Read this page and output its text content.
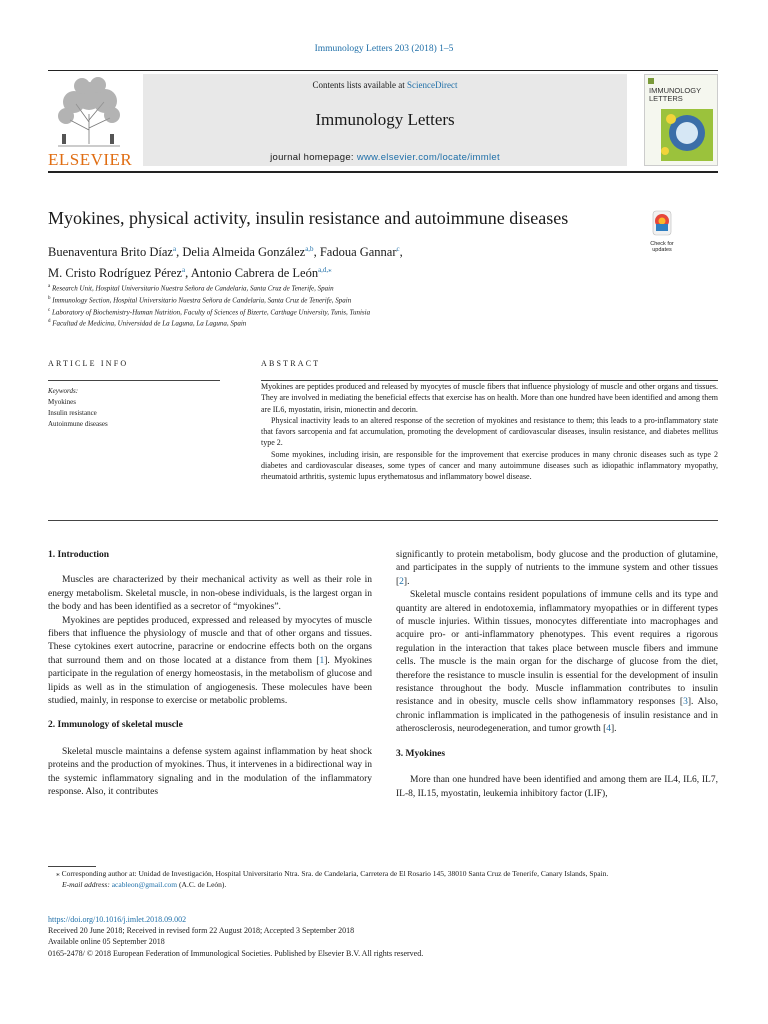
Immunology Letters 203 (2018) 1–5
ELSEVIER
Contents lists available at ScienceDirect
Immunology Letters
journal homepage: www.elsevier.com/locate/immlet
IMMUNOLOGY
LETTERS
Myokines, physical activity, insulin resistance and autoimmune diseases
Check for
updates
Buenaventura Brito Díaz$^a$, Delia Almeida González$^{a,b}$, Fadoua Gannar$^c$,
M. Cristo Rodríguez Pérez$^a$, Antonio Cabrera de León$^{a,d,⁎}$
$^a$ Research Unit, Hospital Universitario Nuestra Señora de Candelaria, Santa Cruz de Tenerife, Spain
$^b$ Immunology Section, Hospital Universitario Nuestra Señora de Candelaria, Santa Cruz de Tenerife, Spain
$^c$ Laboratory of Biochemistry-Human Nutrition, Faculty of Sciences of Bizerte, Carthage University, Tunis, Tunisia
$^d$ Facultad de Medicina, Universidad de La Laguna, La Laguna, Spain
ARTICLE INFO	ABSTRACT
Keywords:
Myokines
Insulin resistance
Autoinmune diseases

Myokines are peptides produced and released by myocytes of muscle fibers that influence physiology of muscle and other organs and tissues. They are involved in mediating the beneficial effects that exercise has on health. More than one hundred have been identified and among them are IL6, myostatin, irisin, mionectin and decorin.

Physical inactivity leads to an altered response of the secretion of myokines and resistance to them; this leads to a pro-inflammatory state that favors sarcopenia and fat accumulation, promoting the development of cardiovascular diseases, insulin resistance, and diabetes mellitus type 2.

Some myokines, including irisin, are responsible for the improvement that exercise produces in many chronic diseases such as type 2 diabetes and cardiovascular diseases, some types of cancer and many autoimmune diseases such as idiopathic inflammatory myopathy, rheumatoid arthritis, systemic lupus erythematosus and inflammatory bowel disease.

1. Introduction

Muscles are characterized by their mechanical activity as well as their role in energy metabolism. Skeletal muscle, in non-obese individuals, is the largest organ in the body and has been identified as a secretor of “myokines”.

Myokines are peptides produced, expressed and released by myocytes of muscle fibers that influence the physiology of muscle and that of other organs and tissues. These cytokines exert autocrine, paracrine or endocrine effects both on the organs that surround them and on those located at a distance from them [1]. Myokines participate in the regulation of energy homeostasis, in the metabolism of glucose and lipids as well as in the stimulation of angiogenesis. These molecules have been studied, mainly, in response to exercise or metabolic problems.

2. Immunology of skeletal muscle

Skeletal muscle maintains a defense system against inflammation by heat shock proteins and the production of myokines. Thus, it intervenes in a bidirectional way in the systemic inflammatory signaling and in the modulation of the inflammatory response. Also, it contributes

significantly to protein metabolism, body glucose and the production of glutamine, and participates in the supply of nutrients to the immune system and other tissues [2].

Skeletal muscle contains resident populations of immune cells and its type and quantity are altered in endotoxemia, inflammatory myopathies or in different types of muscle injuries. Within tissues, monocytes differentiate into macrophages and acquire pro- or anti-inflammatory phenotypes. This event requires a rigorous regulation in the interaction that takes place between muscle fibers and immune cells. The muscle is the main organ for the discharge of glucose from the diet, therefore the resistance to muscle insulin is essential for the development of insulin resistance throughout the body. Muscle inflammation contributes to insulin resistance and in obesity, muscle cells show inflammatory responses [3]. Also, chronic inflammation is implicated in the pathogenesis of insulin resistance and in atherosclerosis, neurodegeneration, and tumor growth [4].

3. Myokines

More than one hundred have been identified and among them are IL4, IL6, IL7, IL-8, IL15, myostatin, leukemia inhibitory factor (LIF),

⁎ Corresponding author at: Unidad de Investigación, Hospital Universitario Ntra. Sra. de Candelaria, Carretera de El Rosario 145, 38010 Santa Cruz de Tenerife, Canary Islands, Spain.

E-mail address: acableon@gmail.com (A.C. de León).

https://doi.org/10.1016/j.imlet.2018.09.002
Received 20 June 2018; Received in revised form 22 August 2018; Accepted 3 September 2018
Available online 05 September 2018
0165-2478/ © 2018 European Federation of Immunological Societies. Published by Elsevier B.V. All rights reserved.
